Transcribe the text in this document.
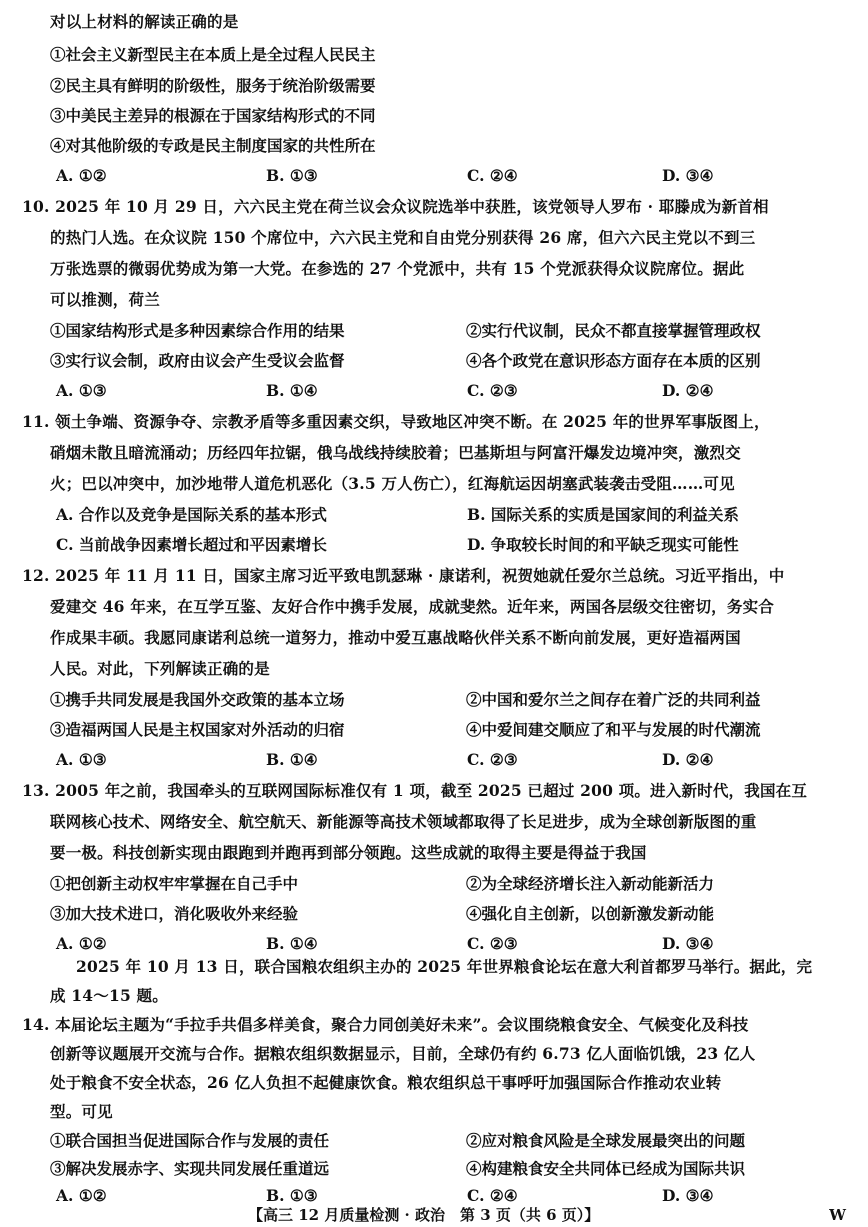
对以上材料的解读正确的是
①社会主义新型民主在本质上是全过程人民民主
②民主具有鲜明的阶级性，服务于统治阶级需要
③中美民主差异的根源在于国家结构形式的不同
④对其他阶级的专政是民主制度国家的共性所在
A. ①②	B. ①③	C. ②④	D. ③④
10. 2025 年 10 月 29 日，六六民主党在荷兰议会众议院选举中获胜，该党领导人罗布 · 耶滕成为新首相
的热门人选。在众议院 150 个席位中，六六民主党和自由党分别获得 26 席，但六六民主党以不到三
万张选票的微弱优势成为第一大党。在参选的 27 个党派中，共有 15 个党派获得众议院席位。据此
可以推测，荷兰
①国家结构形式是多种因素综合作用的结果	②实行代议制，民众不都直接掌握管理政权
③实行议会制，政府由议会产生受议会监督	④各个政党在意识形态方面存在本质的区别
A. ①③	B. ①④	C. ②③	D. ②④
11. 领土争端、资源争夺、宗教矛盾等多重因素交织，导致地区冲突不断。在 2025 年的世界军事版图上，
硝烟未散且暗流涌动；历经四年拉锯，俄乌战线持续胶着；巴基斯坦与阿富汗爆发边境冲突，激烈交
火；巴以冲突中，加沙地带人道危机恶化（3.5 万人伤亡），红海航运因胡塞武装袭击受阻……可见
A. 合作以及竞争是国际关系的基本形式	B. 国际关系的实质是国家间的利益关系
C. 当前战争因素增长超过和平因素增长	D. 争取较长时间的和平缺乏现实可能性
12. 2025 年 11 月 11 日，国家主席习近平致电凯瑟琳 · 康诺利，祝贺她就任爱尔兰总统。习近平指出，中
爱建交 46 年来，在互学互鉴、友好合作中携手发展，成就斐然。近年来，两国各层级交往密切，务实合
作成果丰硕。我愿同康诺利总统一道努力，推动中爱互惠战略伙伴关系不断向前发展，更好造福两国
人民。对此，下列解读正确的是
①携手共同发展是我国外交政策的基本立场	②中国和爱尔兰之间存在着广泛的共同利益
③造福两国人民是主权国家对外活动的归宿	④中爱间建交顺应了和平与发展的时代潮流
A. ①③	B. ①④	C. ②③	D. ②④
13. 2005 年之前，我国牵头的互联网国际标准仅有 1 项，截至 2025 已超过 200 项。进入新时代，我国在互
联网核心技术、网络安全、航空航天、新能源等高技术领域都取得了长足进步，成为全球创新版图的重
要一极。科技创新实现由跟跑到并跑再到部分领跑。这些成就的取得主要是得益于我国
①把创新主动权牢牢掌握在自己手中	②为全球经济增长注入新动能新活力
③加大技术进口，消化吸收外来经验	④强化自主创新，以创新激发新动能
A. ①②	B. ①④	C. ②③	D. ③④
2025 年 10 月 13 日，联合国粮农组织主办的 2025 年世界粮食论坛在意大利首都罗马举行。据此，完
成 14～15 题。
14. 本届论坛主题为“手拉手共倡多样美食，聚合力同创美好未来”。会议围绕粮食安全、气候变化及科技
创新等议题展开交流与合作。据粮农组织数据显示，目前，全球仍有约 6.73 亿人面临饥饿，23 亿人
处于粮食不安全状态，26 亿人负担不起健康饮食。粮农组织总干事呼吁加强国际合作推动农业转
型。可见
①联合国担当促进国际合作与发展的责任	②应对粮食风险是全球发展最突出的问题
③解决发展赤字、实现共同发展任重道远	④构建粮食安全共同体已经成为国际共识
A. ①②	B. ①③	C. ②④	D. ③④
【高三 12 月质量检测 · 政治　第 3 页（共 6 页）】	W
